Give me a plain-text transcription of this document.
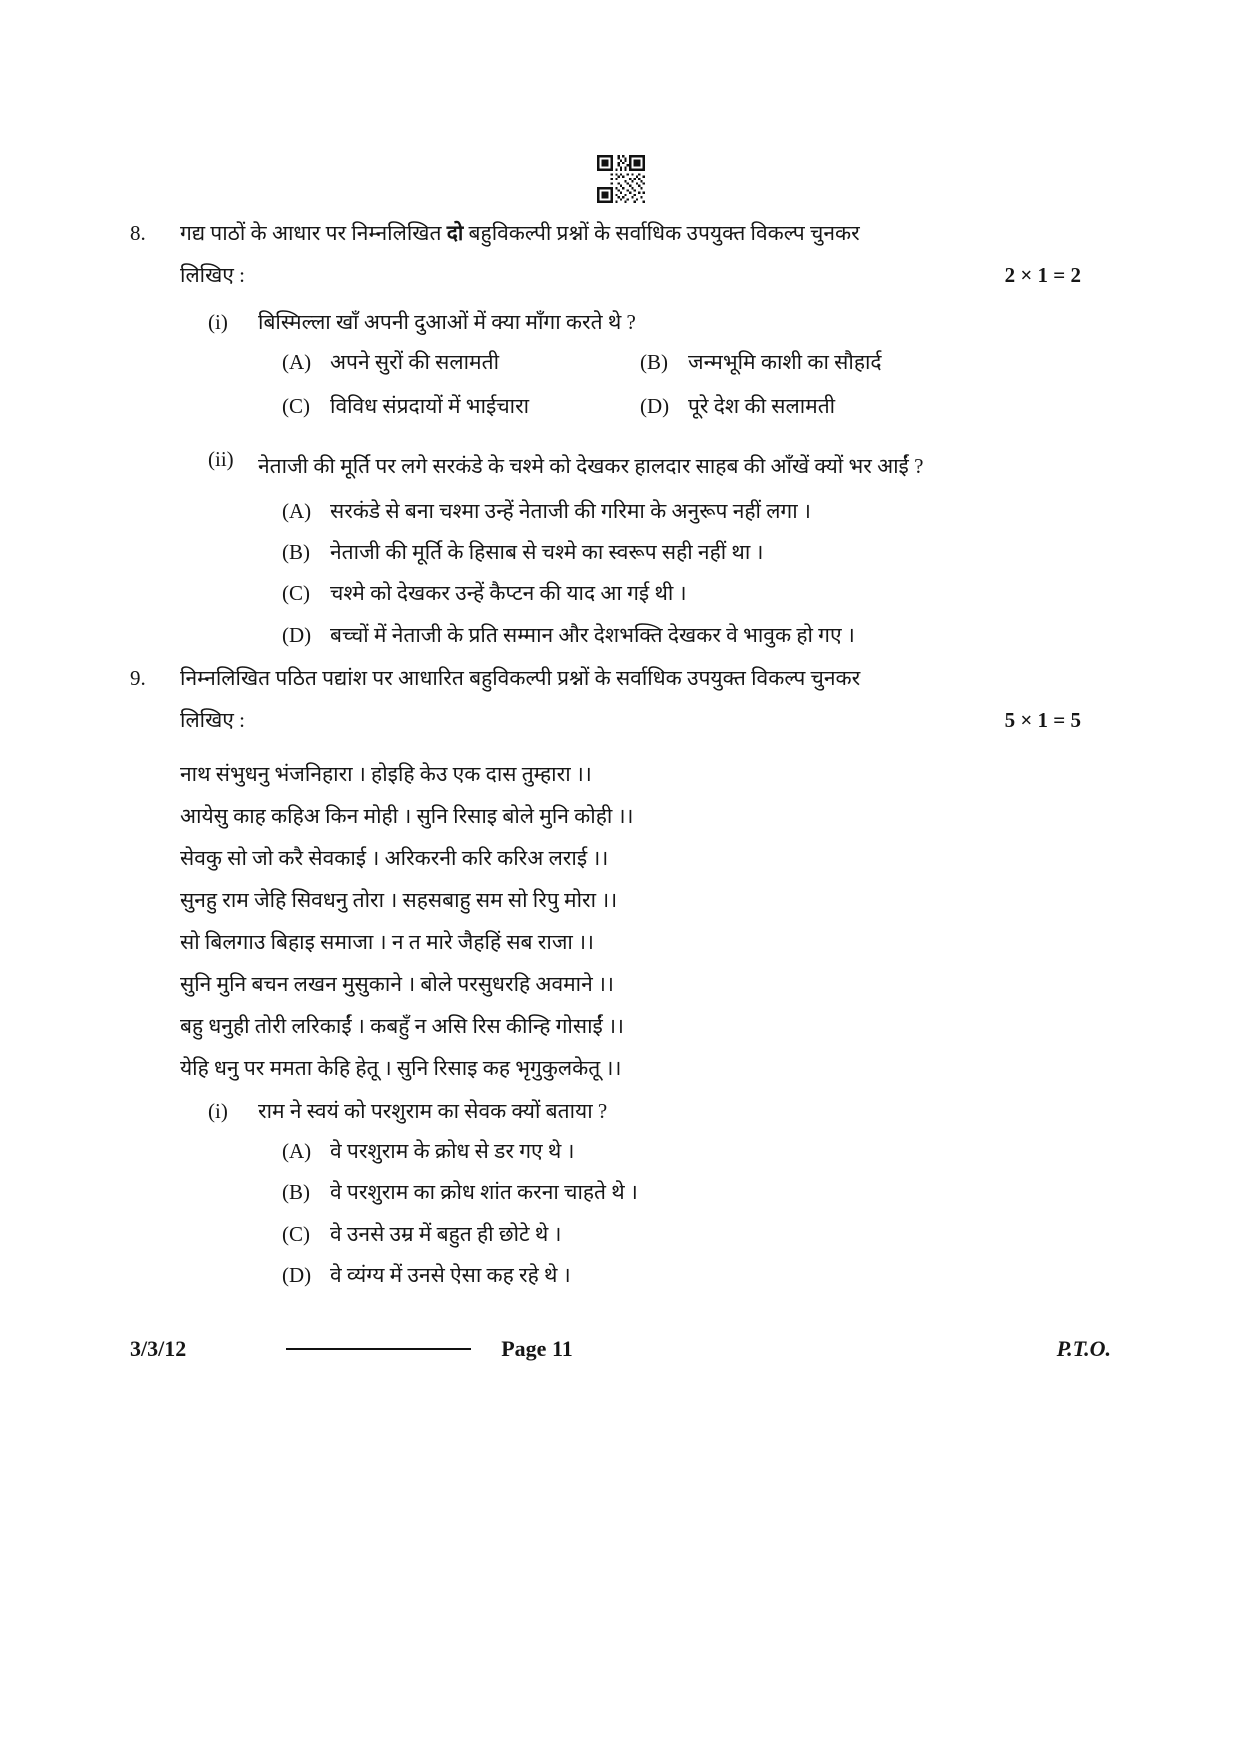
8.	गद्य पाठों के आधार पर निम्नलिखित दो बहुविकल्पी प्रश्नों के सर्वाधिक उपयुक्त विकल्प चुनकर
लिखिए :	2 × 1 = 2
(i)	बिस्मिल्ला खाँ अपनी दुआओं में क्या माँगा करते थे ?
(A) अपने सुरों की सलामती	(B) जन्मभूमि काशी का सौहार्द
(C) विविध संप्रदायों में भाईचारा	(D) पूरे देश की सलामती
(ii)	नेताजी की मूर्ति पर लगे सरकंडे के चश्मे को देखकर हालदार साहब की आँखें क्यों भर आईं ?
(A) सरकंडे से बना चश्मा उन्हें नेताजी की गरिमा के अनुरूप नहीं लगा ।
(B) नेताजी की मूर्ति के हिसाब से चश्मे का स्वरूप सही नहीं था ।
(C) चश्मे को देखकर उन्हें कैप्टन की याद आ गई थी ।
(D) बच्चों में नेताजी के प्रति सम्मान और देशभक्ति देखकर वे भावुक हो गए ।
9.	निम्नलिखित पठित पद्यांश पर आधारित बहुविकल्पी प्रश्नों के सर्वाधिक उपयुक्त विकल्प चुनकर
लिखिए :	5 × 1 = 5
नाथ संभुधनु भंजनिहारा । होइहि केउ एक दास तुम्हारा ।।
आयेसु काह कहिअ किन मोही । सुनि रिसाइ बोले मुनि कोही ।।
सेवकु सो जो करै सेवकाई । अरिकरनी करि करिअ लराई ।।
सुनहु राम जेहि सिवधनु तोरा । सहसबाहु सम सो रिपु मोरा ।।
सो बिलगाउ बिहाइ समाजा । न त मारे जैहहिं सब राजा ।।
सुनि मुनि बचन लखन मुसुकाने । बोले परसुधरहि अवमाने ।।
बहु धनुही तोरी लरिकाईं । कबहुँ न असि रिस कीन्हि गोसाईं ।।
येहि धनु पर ममता केहि हेतू । सुनि रिसाइ कह भृगुकुलकेतू ।।
(i)	राम ने स्वयं को परशुराम का सेवक क्यों बताया ?
(A) वे परशुराम के क्रोध से डर गए थे ।
(B) वे परशुराम का क्रोध शांत करना चाहते थे ।
(C) वे उनसे उम्र में बहुत ही छोटे थे ।
(D) वे व्यंग्य में उनसे ऐसा कह रहे थे ।
3/3/12	Page 11	P.T.O.
